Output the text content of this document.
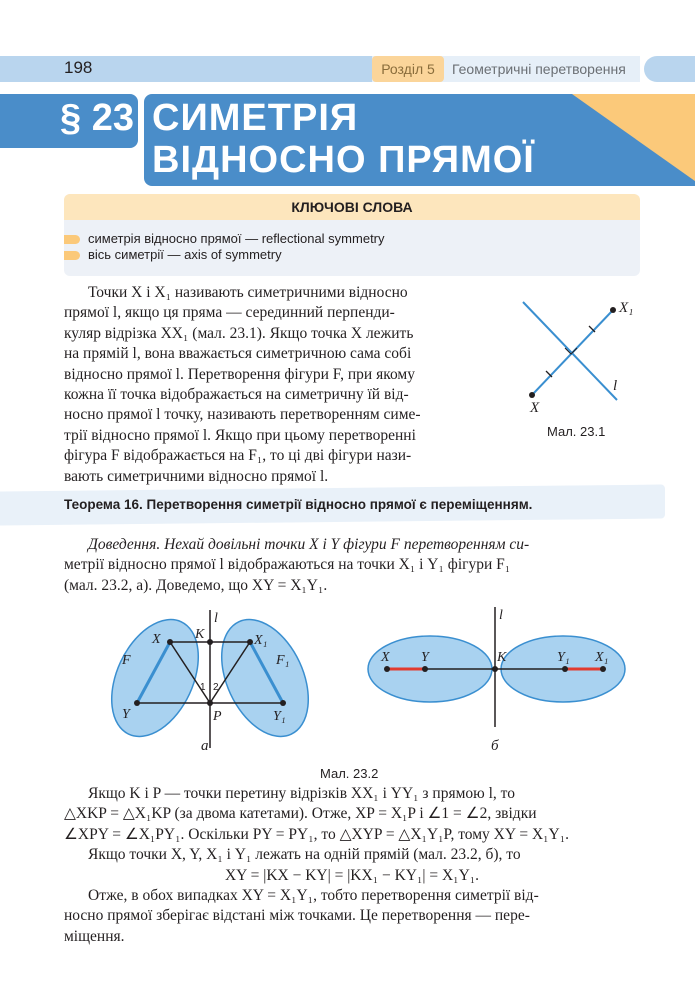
198	Розділ 5	Геометричні перетворення
§ 23 СИМЕТРІЯ
ВІДНОСНО ПРЯМОЇ
КЛЮЧОВІ СЛОВА
симетрія відносно прямої — reflectional symmetry
вісь симетрії — axis of symmetry
Точки X і X₁ називають симетричними відносно
прямої l, якщо ця пряма — серединний перпенди-
куляр відрізка XX₁ (мал. 23.1). Якщо точка X лежить
на прямій l, вона вважається симетричною сама собі
відносно прямої l. Перетворення фігури F, при якому
кожна її точка відображається на симетричну їй від-
носно прямої l точку, називають перетворенням симе-
трії відносно прямої l. Якщо при цьому перетворенні
фігура F відображається на F₁, то ці дві фігури нази-
вають симетричними відносно прямої l.
X₁
X
l
Мал. 23.1
Теорема 16. Перетворення симетрії відносно прямої є переміщенням.
Доведення. Нехай довільні точки X і Y фігури F перетворенням си-
метрії відносно прямої l відображаються на точки X₁ і Y₁ фігури F₁
(мал. 23.2, а). Доведемо, що XY = X₁Y₁.
l
K
X	X₁
F	F₁
Y	Y₁
P
1 2
а
l
X Y	K	Y₁ X₁
б
Мал. 23.2
Якщо K і P — точки перетину відрізків XX₁ і YY₁ з прямою l, то
△XKP = △X₁KP (за двома катетами). Отже, XP = X₁P і ∠1 = ∠2, звідки
∠XPY = ∠X₁PY₁. Оскільки PY = PY₁, то △XYP = △X₁Y₁P, тому XY = X₁Y₁.
Якщо точки X, Y, X₁ і Y₁ лежать на одній прямій (мал. 23.2, б), то
XY = |KX − KY| = |KX₁ − KY₁| = X₁Y₁.
Отже, в обох випадках XY = X₁Y₁, тобто перетворення симетрії від-
носно прямої зберігає відстані між точками. Це перетворення — пере-
міщення.
